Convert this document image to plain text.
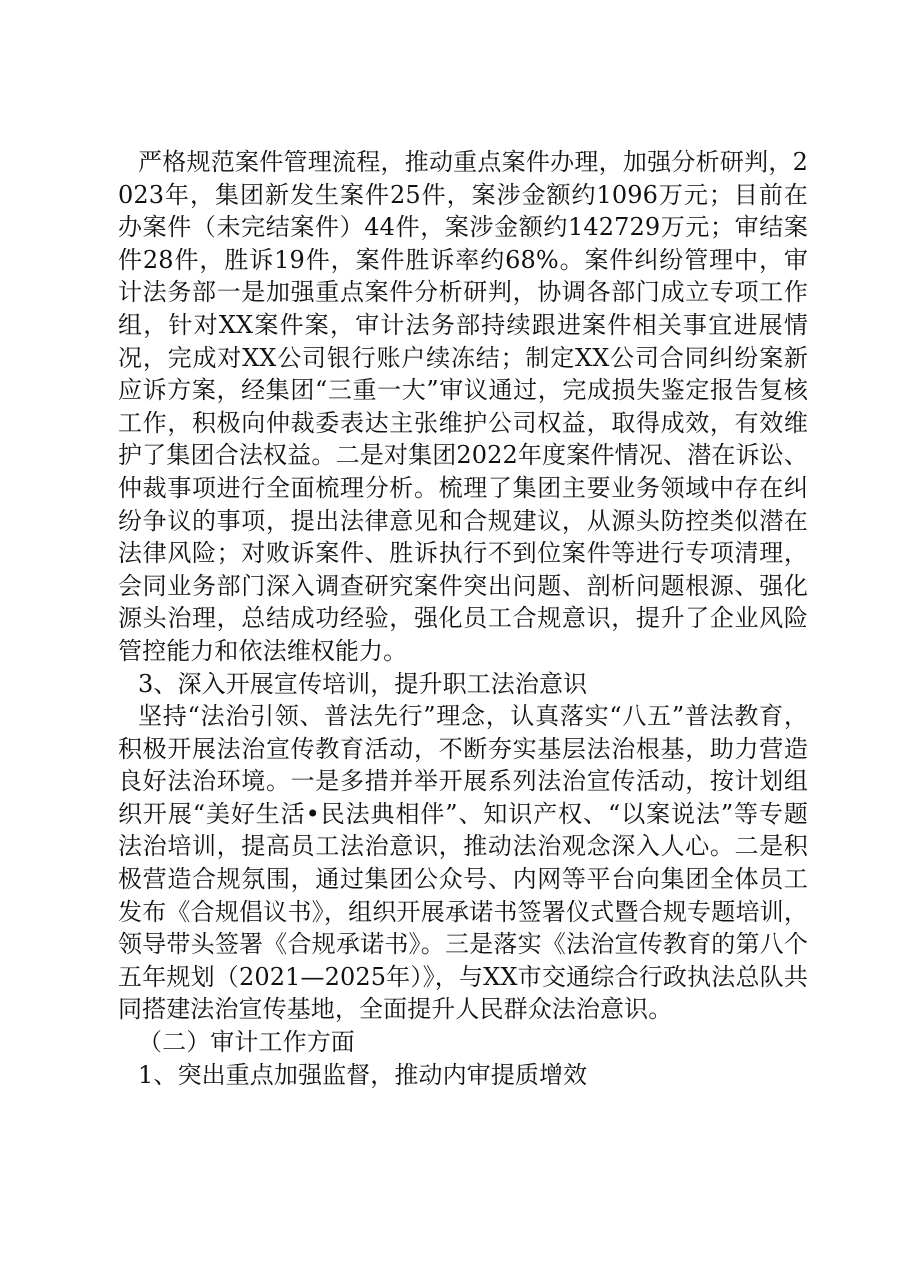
严格规范案件管理流程，推动重点案件办理，加强分析研判，2023年，集团新发生案件25件，案涉金额约1096万元；目前在办案件（未完结案件）44件，案涉金额约142729万元；审结案件28件，胜诉19件，案件胜诉率约68%。案件纠纷管理中，审计法务部一是加强重点案件分析研判，协调各部门成立专项工作组，针对XX案件案，审计法务部持续跟进案件相关事宜进展情况，完成对XX公司银行账户续冻结；制定XX公司合同纠纷案新应诉方案，经集团“三重一大”审议通过，完成损失鉴定报告复核工作，积极向仲裁委表达主张维护公司权益，取得成效，有效维护了集团合法权益。二是对集团2022年度案件情况、潜在诉讼、仲裁事项进行全面梳理分析。梳理了集团主要业务领域中存在纠纷争议的事项，提出法律意见和合规建议，从源头防控类似潜在法律风险；对败诉案件、胜诉执行不到位案件等进行专项清理，会同业务部门深入调查研究案件突出问题、剖析问题根源、强化源头治理，总结成功经验，强化员工合规意识，提升了企业风险管控能力和依法维权能力。

3、深入开展宣传培训，提升职工法治意识

坚持“法治引领、普法先行”理念，认真落实“八五”普法教育，积极开展法治宣传教育活动，不断夯实基层法治根基，助力营造良好法治环境。一是多措并举开展系列法治宣传活动，按计划组织开展“美好生活•民法典相伴”、知识产权、“以案说法”等专题法治培训，提高员工法治意识，推动法治观念深入人心。二是积极营造合规氛围，通过集团公众号、内网等平台向集团全体员工发布《合规倡议书》，组织开展承诺书签署仪式暨合规专题培训，领导带头签署《合规承诺书》。三是落实《法治宣传教育的第八个五年规划（2021—2025年）》，与XX市交通综合行政执法总队共同搭建法治宣传基地，全面提升人民群众法治意识。

（二）审计工作方面

1、突出重点加强监督，推动内审提质增效
